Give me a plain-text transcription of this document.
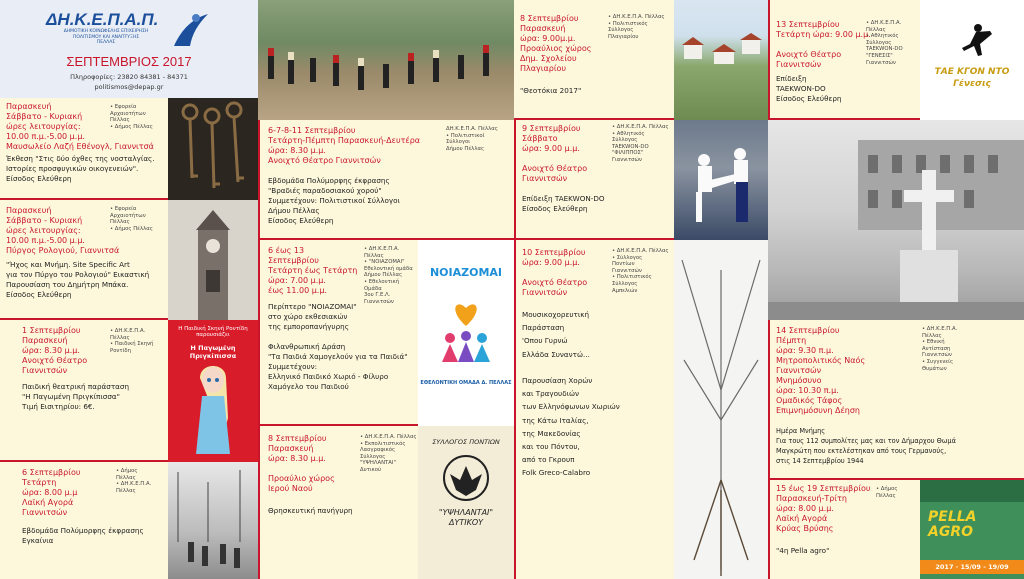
ΔΗ.Κ.Ε.Π.Α.Π.
ΔΗΜΟΤΙΚΗ ΚΟΙΝΩΦΕΛΗΣ ΕΠΙΧΕΙΡΗΣΗ
ΠΟΛΙΤΙΣΜΟΥ ΚΑΙ ΑΝΑΠΤΥΞΗΣ
ΠΕΛΛΑΣ
ΣΕΠΤΕΜΒΡΙΟΣ 2017
Πληροφορίες: 23820 84381 - 84371
politismos@depap.gr
8 Σεπτεμβρίου
Παρασκευή
ώρα: 9.00μ.μ.
Προαύλιος χώρος
Δημ. Σχολείου
Πλαγιαρίου
• ΔΗ.Κ.Ε.Π.Α. Πέλλας
• Πολιτιστικός
Σύλλογος
Πλαγιαρίου
"Θεοτόκια 2017"
13 Σεπτεμβρίου
Τετάρτη ώρα: 9.00 μ.μ.

Ανοιχτό Θέατρο
Γιαννιτσών
• ΔΗ.Κ.Ε.Π.Α.
Πέλλας
• Αθλητικός
Σύλλογος
TAEKWON-DO
"ΓΕΝΕΣΙΣ"
Γιαννιτσών
Επίδειξη
TAEKWON-DO
Είσοδος Ελεύθερη
ΤΑΕ ΚΓΟΝ ΝΤΟ
Γένεσις
Παρασκευή
Σάββατο - Κυριακή
ώρες λειτουργίας:
10.00 π.μ.-5.00 μ.μ.
Μαυσωλείο Λαζή Εθένογλ, Γιαννιτσά
• Εφορεία
Αρχαιοτήτων
Πέλλας
• Δήμος Πέλλας
Έκθεση "Στις δύο όχθες της νοσταλγίας.
Ιστορίες προσφυγικών οικογενειών".
Είσοδος Ελεύθερη
6-7-8-11 Σεπτεμβρίου
Τετάρτη-Πέμπτη Παρασκευή-Δευτέρα
ώρα: 8.30 μ.μ.
Ανοιχτό Θέατρο Γιαννιτσών
ΔΗ.Κ.Ε.Π.Α. Πέλλας
• Πολιτιστικοί
Σύλλογοι
Δήμου Πέλλας
Εβδομάδα Πολύμορφης έκφρασης
"Βραδιές παραδοσιακού χορού"
Συμμετέχουν: Πολιτιστικοί Σύλλογοι
Δήμου Πέλλας
Είσοδος Ελεύθερη
9 Σεπτεμβρίου
Σάββατο
ώρα: 9.00 μ.μ.

Ανοιχτό Θέατρο
Γιαννιτσών
• ΔΗ.Κ.Ε.Π.Α. Πέλλας
• Αθλητικός
Σύλλογος
TAEKWON-DO
"ΦΙΛΙΠΠΟΣ"
Γιαννιτσών
Επίδειξη TAEKWON-DO
Είσοδος Ελεύθερη
Παρασκευή
Σάββατο - Κυριακή
ώρες λειτουργίας:
10.00 π.μ.-5.00 μ.μ.
Πύργος Ρολογιού, Γιαννιτσά
• Εφορεία
Αρχαιοτήτων
Πέλλας
• Δήμος Πέλλας
"Ήχος και Μνήμη. Site Specific Art
για τον Πύργο του Ρολογιού" Εικαστική
Παρουσίαση του Δημήτρη Μπάκα.
Είσοδος Ελεύθερη
6 έως 13
Σεπτεμβρίου
Τετάρτη έως Τετάρτη
ώρα: 7.00 μ.μ.
έως 11.00 μ.μ.
• ΔΗ.Κ.Ε.Π.Α. Πέλλας
• "ΝΟΙΑΖΟΜΑΙ"
Εθελοντική ομάδα
Δήμου Πέλλας
• Εθελοντική
Ομάδα
3ου Γ.Ε.Λ.
Γιαννιτσών
Περίπτερο "ΝΟΙΑΖΟΜΑΙ"
στο χώρο εκθεσιακών
της εμποροπανήγυρης

Φιλανθρωπική Δράση
"Τα Παιδιά Χαμογελούν για τα Παιδιά"
Συμμετέχουν:
Ελληνικό Παιδικό Χωριό - Φίλυρο
Χαμόγελο του Παιδιού
ΝΟΙΑΖΟΜΑΙ
ΕΘΕΛΟΝΤΙΚΗ ΟΜΑΔΑ Δ. ΠΕΛΛΑΣ
10 Σεπτεμβρίου
ώρα: 9.00 μ.μ.

Ανοιχτό Θέατρο
Γιαννιτσών
• ΔΗ.Κ.Ε.Π.Α. Πέλλας
• Σύλλογος
Ποντίων
Γιαννιτσών
• Πολιτιστικός
Σύλλογος
Αμπελιών
Μουσικοχορευτική
Παράσταση
'Οπου Γυρνώ
Ελλάδα Συναντώ...

Παρουσίαση Χορών
και Τραγουδιών
των Ελληνόφωνων Χωριών
της Κάτω Ιταλίας,
της Μακεδονίας
και του Πόντου,
από το Γκρουπ
Folk Greco-Calabro
1 Σεπτεμβρίου
Παρασκευή
ώρα: 8.30 μ.μ.
Ανοιχτό Θέατρο
Γιαννιτσών
• ΔΗ.Κ.Ε.Π.Α.
Πέλλας
• Παιδική Σκηνή
Ροντίδη
Παιδική θεατρική παράσταση
"Η Παγωμένη Πριγκίπισσα"
Τιμή Εισιτηρίου: 6€.
Η Παιδική Σκηνή Ροντίδη
παρουσιάζει
Η Παγωμένη Πριγκίπισσα
14 Σεπτεμβρίου
Πέμπτη
ώρα: 9.30 π.μ.
Μητροπολιτικός Ναός
Γιαννιτσών
Μνημόσυνο
ώρα: 10.30 π.μ.
Ομαδικός Τάφος
Επιμνημόσυνη Δέηση
• ΔΗ.Κ.Ε.Π.Α.
Πέλλας
• Εθνική
Αντίσταση
Γιαννιτσών
• Συγγενείς
Θυμάτων
Ημέρα Μνήμης
Για τους 112 συμπολίτες μας και τον Δήμαρχου Θωμά
Μαγκρώτη που εκτελέστηκαν από τους Γερμανούς,
στις 14 Σεπτεμβρίου 1944
8 Σεπτεμβρίου
Παρασκευή
ώρα: 8.30 μ.μ.

Προαύλιο χώρος
Ιερού Ναού
• ΔΗ.Κ.Ε.Π.Α. Πέλλας
• Εκπολιτιστικός
Λαογραφικός
Σύλλογος
"ΥΨΗΛΑΝΤΑΙ"
Δυτικού
Θρησκευτική πανήγυρη
ΣΥΛΛΟΓΟΣ ΠΟΝΤΙΩΝ
"ΥΨΗΛΑΝΤΑΙ"
ΔΥΤΙΚΟΥ
6 Σεπτεμβρίου
Τετάρτη
ώρα: 8.00 μ.μ
Λαϊκή Αγορά
Γιαννιτσών
• Δήμος
Πέλλας
• ΔΗ.Κ.Ε.Π.Α.
Πέλλας
Εβδομάδα Πολύμορφης έκφρασης
Εγκαίνια
15 έως 19 Σεπτεμβρίου
Παρασκευή-Τρίτη
ώρα: 8.00 μ.μ.
Λαϊκή Αγορά
Κρύας Βρύσης
• Δήμος
Πέλλας
"4η Pella agro"
PELLA
AGRO
2017 · 15/09 - 19/09
